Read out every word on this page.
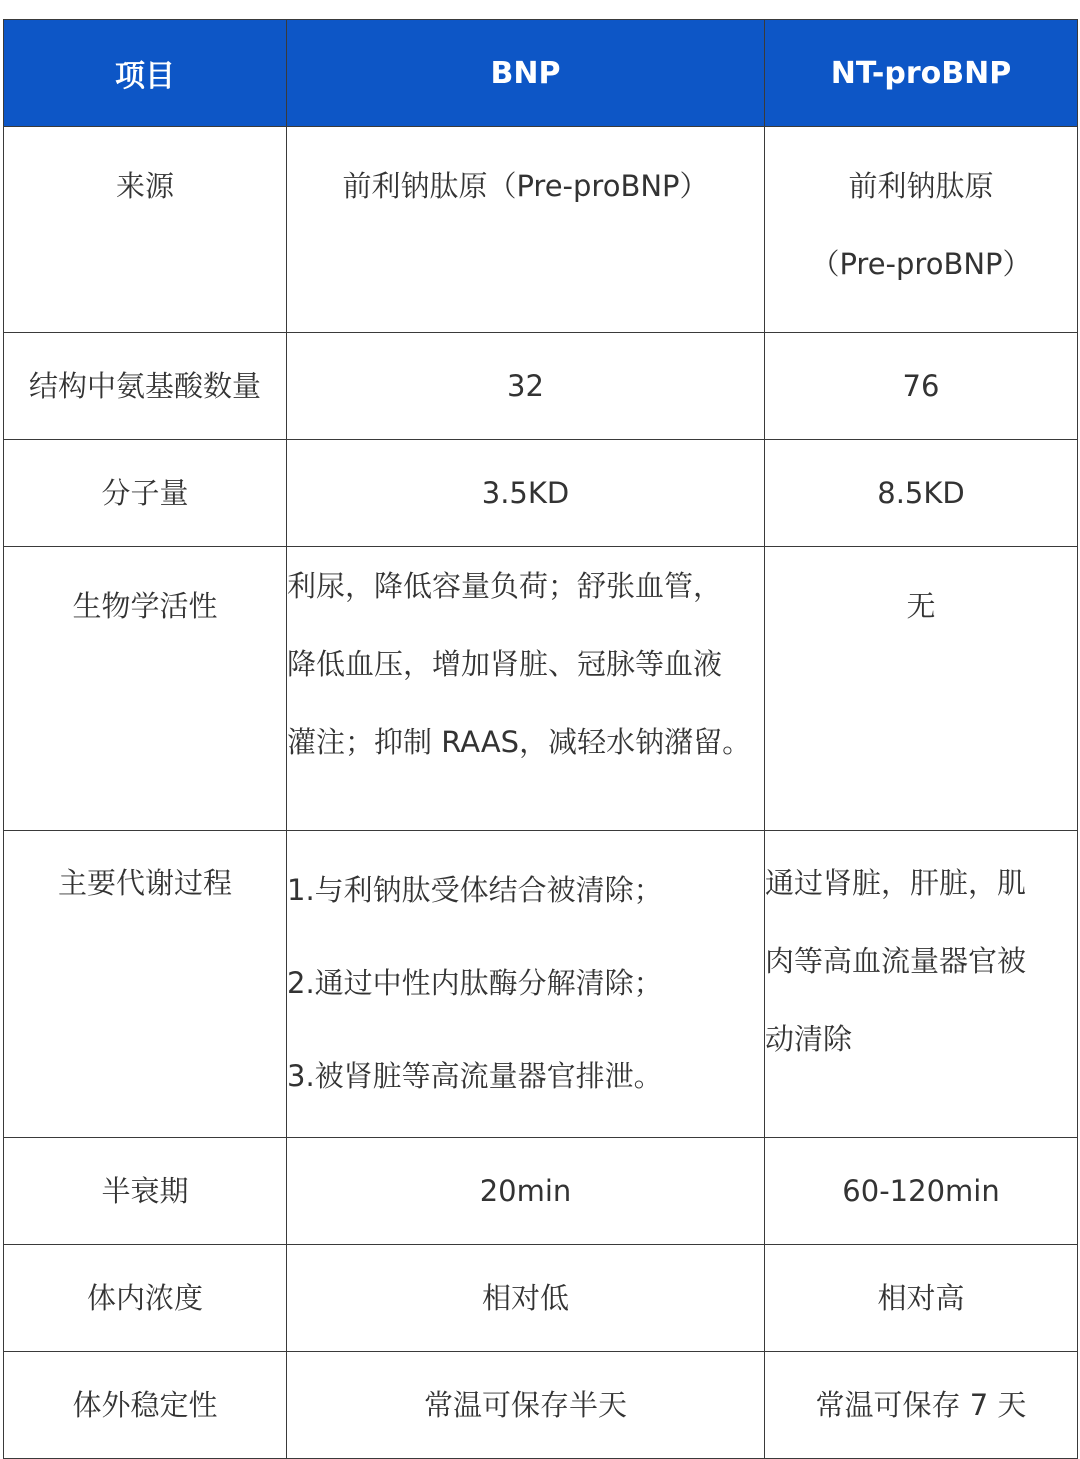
项目	BNP	NT-proBNP
来源	前利钠肽原（Pre-proBNP）	前利钠肽原
（Pre-proBNP）

结构中氨基酸数量	32	76
分子量	3.5KD	8.5KD
生物学活性	利尿，降低容量负荷；舒张血管，
降低血压，增加肾脏、冠脉等血液
灌注；抑制 RAAS，减轻水钠潴留。	无
主要代谢过程	1.与利钠肽受体结合被清除；
2.通过中性内肽酶分解清除；
3.被肾脏等高流量器官排泄。	通过肾脏，肝脏，肌
肉等高血流量器官被
动清除

半衰期	20min	60-120min
体内浓度	相对低	相对高
体外稳定性	常温可保存半天	常温可保存 7 天
